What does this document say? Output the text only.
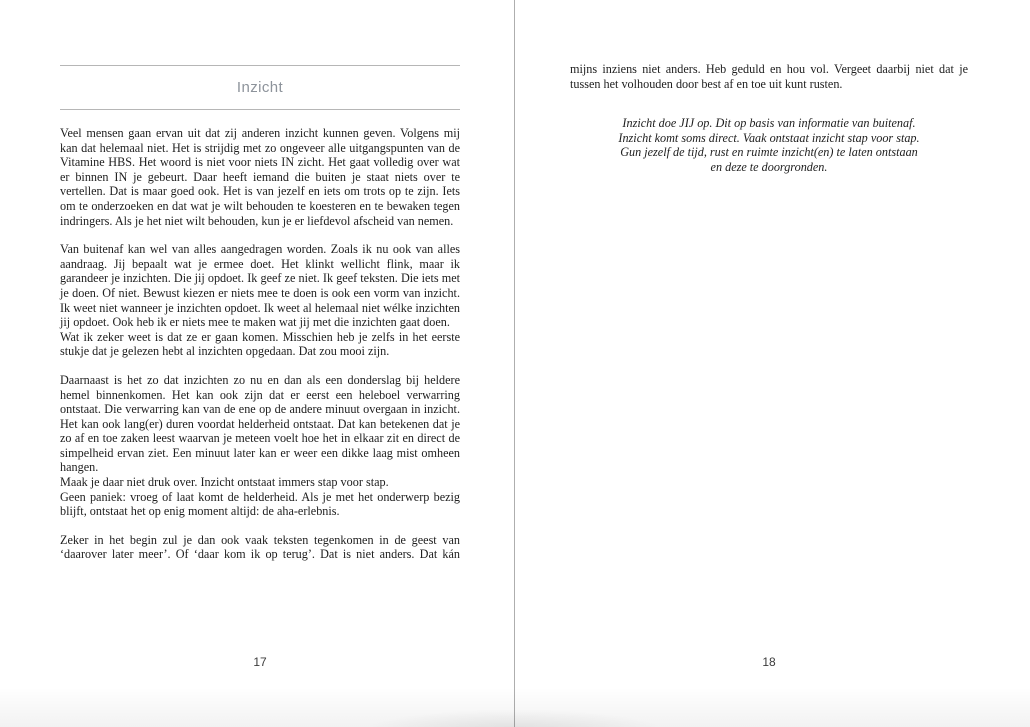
Inzicht

Veel mensen gaan ervan uit dat zij anderen inzicht kunnen geven. Volgens mij kan dat helemaal niet. Het is strijdig met zo ongeveer alle uitgangspunten van de Vitamine HBS. Het woord is niet voor niets IN zicht. Het gaat volledig over wat er binnen IN je gebeurt. Daar heeft iemand die buiten je staat niets over te vertellen. Dat is maar goed ook. Het is van jezelf en iets om trots op te zijn. Iets om te onderzoeken en dat wat je wilt behouden te koesteren en te bewaken tegen indringers. Als je het niet wilt behouden, kun je er liefdevol afscheid van nemen.

Van buitenaf kan wel van alles aangedragen worden. Zoals ik nu ook van alles aandraag. Jij bepaalt wat je ermee doet. Het klinkt wellicht flink, maar ik garandeer je inzichten. Die jij opdoet. Ik geef ze niet. Ik geef teksten. Die iets met je doen. Of niet. Bewust kiezen er niets mee te doen is ook een vorm van inzicht. Ik weet niet wanneer je inzichten opdoet. Ik weet al helemaal niet wélke inzichten jij opdoet. Ook heb ik er niets mee te maken wat jij met die inzichten gaat doen.

Wat ik zeker weet is dat ze er gaan komen. Misschien heb je zelfs in het eerste stukje dat je gelezen hebt al inzichten opgedaan. Dat zou mooi zijn.

Daarnaast is het zo dat inzichten zo nu en dan als een donderslag bij heldere hemel binnenkomen. Het kan ook zijn dat er eerst een heleboel verwarring ontstaat. Die verwarring kan van de ene op de andere minuut overgaan in inzicht. Het kan ook lang(er) duren voordat helderheid ontstaat. Dat kan betekenen dat je zo af en toe zaken leest waarvan je meteen voelt hoe het in elkaar zit en direct de simpelheid ervan ziet. Een minuut later kan er weer een dikke laag mist omheen hangen.

Maak je daar niet druk over. Inzicht ontstaat immers stap voor stap.

Geen paniek: vroeg of laat komt de helderheid. Als je met het onderwerp bezig blijft, ontstaat het op enig moment altijd: de aha-erlebnis.

Zeker in het begin zul je dan ook vaak teksten tegenkomen in de geest van ‘daarover later meer’. Of ‘daar kom ik op terug’. Dat is niet anders. Dat kán

17

mijns inziens niet anders. Heb geduld en hou vol. Vergeet daarbij niet dat je tussen het volhouden door best af en toe uit kunt rusten.

Inzicht doe JIJ op. Dit op basis van informatie van buitenaf.

Inzicht komt soms direct. Vaak ontstaat inzicht stap voor stap.

Gun jezelf de tijd, rust en ruimte inzicht(en) te laten ontstaan

en deze te doorgronden.

18
